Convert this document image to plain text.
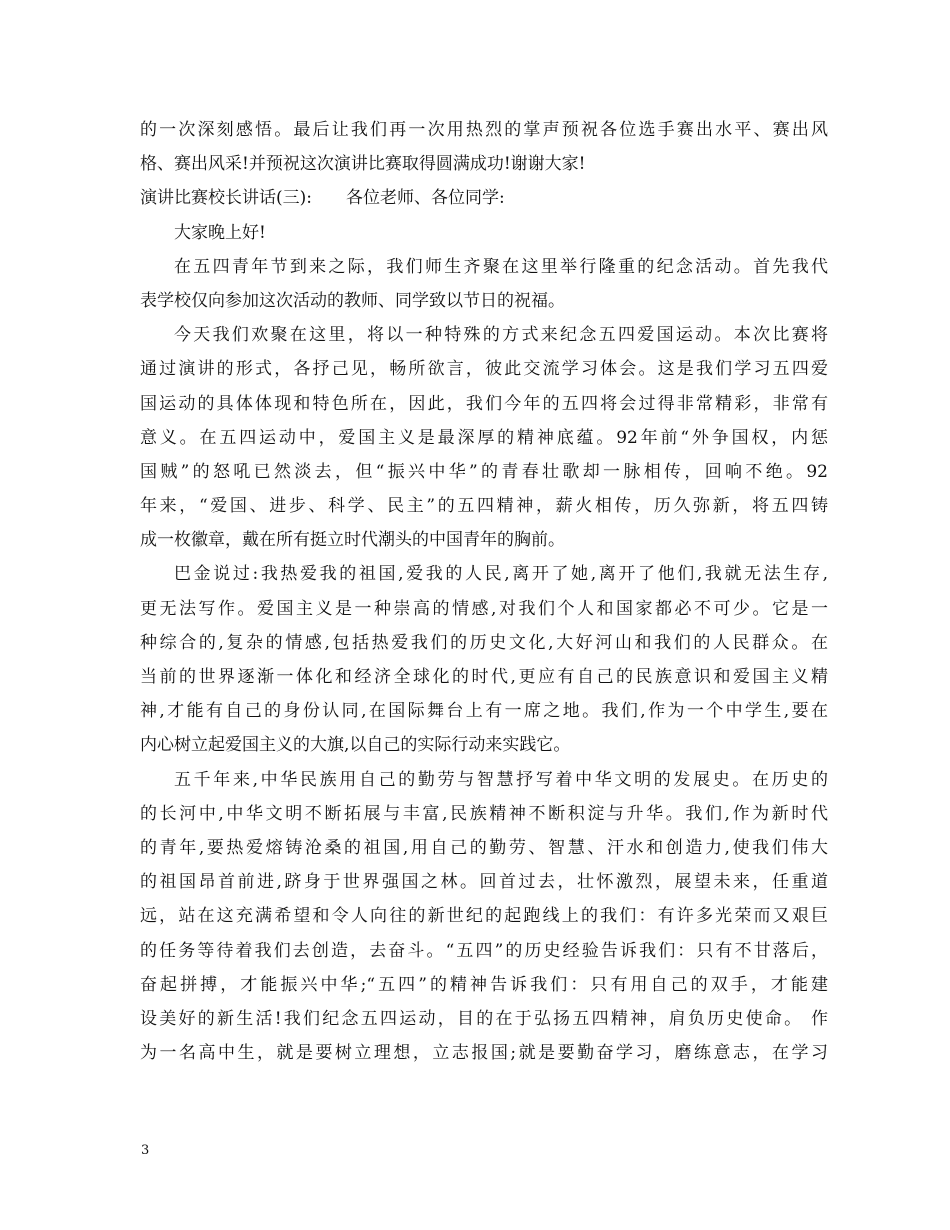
的一次深刻感悟。最后让我们再一次用热烈的掌声预祝各位选手赛出水平、赛出风
格、赛出风采!并预祝这次演讲比赛取得圆满成功!谢谢大家!
演讲比赛校长讲话(三):　　各位老师、各位同学:
大家晚上好!
在五四青年节到来之际，我们师生齐聚在这里举行隆重的纪念活动。首先我代
表学校仅向参加这次活动的教师、同学致以节日的祝福。
今天我们欢聚在这里，将以一种特殊的方式来纪念五四爱国运动。本次比赛将
通过演讲的形式，各抒己见，畅所欲言，彼此交流学习体会。这是我们学习五四爱
国运动的具体体现和特色所在，因此，我们今年的五四将会过得非常精彩，非常有
意义。在五四运动中，爱国主义是最深厚的精神底蕴。92年前“外争国权，内惩
国贼”的怒吼已然淡去，但“振兴中华”的青春壮歌却一脉相传，回响不绝。92
年来，“爱国、进步、科学、民主”的五四精神，薪火相传，历久弥新，将五四铸
成一枚徽章，戴在所有挺立时代潮头的中国青年的胸前。
巴金说过:我热爱我的祖国,爱我的人民,离开了她,离开了他们,我就无法生存,
更无法写作。爱国主义是一种崇高的情感,对我们个人和国家都必不可少。它是一
种综合的,复杂的情感,包括热爱我们的历史文化,大好河山和我们的人民群众。在
当前的世界逐渐一体化和经济全球化的时代,更应有自己的民族意识和爱国主义精
神,才能有自己的身份认同,在国际舞台上有一席之地。我们,作为一个中学生,要在
内心树立起爱国主义的大旗,以自己的实际行动来实践它。
五千年来,中华民族用自己的勤劳与智慧抒写着中华文明的发展史。在历史的
的长河中,中华文明不断拓展与丰富,民族精神不断积淀与升华。我们,作为新时代
的青年,要热爱熔铸沧桑的祖国,用自己的勤劳、智慧、汗水和创造力,使我们伟大
的祖国昂首前进,跻身于世界强国之林。回首过去，壮怀激烈，展望未来，任重道
远，站在这充满希望和令人向往的新世纪的起跑线上的我们：有许多光荣而又艰巨
的任务等待着我们去创造，去奋斗。“五四”的历史经验告诉我们：只有不甘落后，
奋起拼搏，才能振兴中华;“五四”的精神告诉我们：只有用自己的双手，才能建
设美好的新生活!我们纪念五四运动，目的在于弘扬五四精神，肩负历史使命。 作
为一名高中生，就是要树立理想，立志报国;就是要勤奋学习，磨练意志，在学习
3
